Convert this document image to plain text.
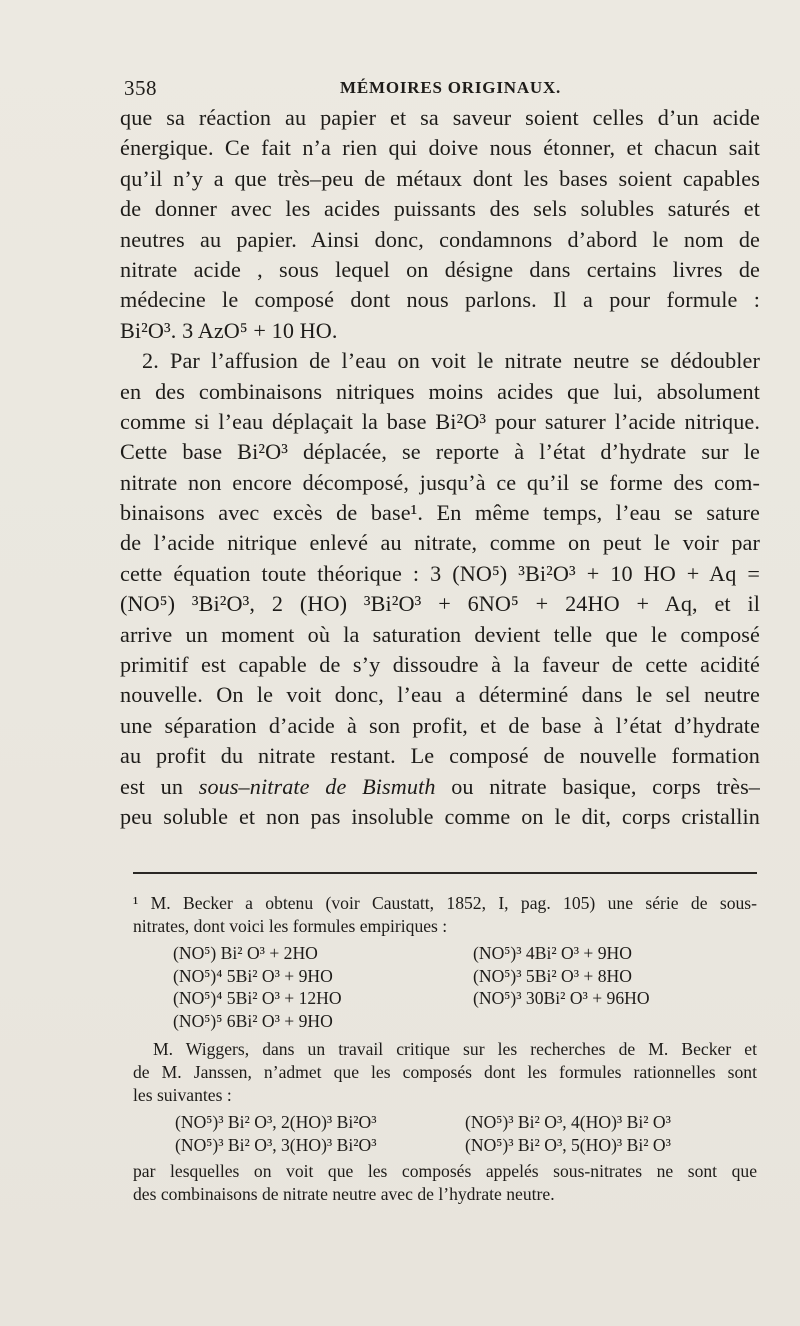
358	MÉMOIRES ORIGINAUX.
que sa réaction au papier et sa saveur soient celles d’un acide
énergique. Ce fait n’a rien qui doive nous étonner, et chacun sait
qu’il n’y a que très–peu de métaux dont les bases soient capables
de donner avec les acides puissants des sels solubles saturés et
neutres au papier. Ainsi donc, condamnons d’abord le nom de
nitrate acide , sous lequel on désigne dans certains livres de
médecine le composé dont nous parlons. Il a pour formule :
Bi²O³. 3 AzO⁵ + 10 HO.
2. Par l’affusion de l’eau on voit le nitrate neutre se dédoubler
en des combinaisons nitriques moins acides que lui, absolument
comme si l’eau déplaçait la base Bi²O³ pour saturer l’acide nitrique.
Cette base Bi²O³ déplacée, se reporte à l’état d’hydrate sur le
nitrate non encore décomposé, jusqu’à ce qu’il se forme des com-
binaisons avec excès de base¹. En même temps, l’eau se sature
de l’acide nitrique enlevé au nitrate, comme on peut le voir par
cette équation toute théorique : 3 (NO⁵) ³Bi²O³ + 10 HO + Aq =
(NO⁵) ³Bi²O³, 2 (HO) ³Bi²O³ + 6NO⁵ + 24HO + Aq, et il
arrive un moment où la saturation devient telle que le composé
primitif est capable de s’y dissoudre à la faveur de cette acidité
nouvelle. On le voit donc, l’eau a déterminé dans le sel neutre
une séparation d’acide à son profit, et de base à l’état d’hydrate
au profit du nitrate restant. Le composé de nouvelle formation
est un sous–nitrate de Bismuth ou nitrate basique, corps très–
peu soluble et non pas insoluble comme on le dit, corps cristallin
¹ M. Becker a obtenu (voir Caustatt, 1852, I, pag. 105) une série de sous-
nitrates, dont voici les formules empiriques :
(NO⁵) Bi² O³ + 2HO	(NO⁵)³ 4Bi² O³ + 9HO
(NO⁵)⁴ 5Bi² O³ + 9HO	(NO⁵)³ 5Bi² O³ + 8HO
(NO⁵)⁴ 5Bi² O³ + 12HO	(NO⁵)³ 30Bi² O³ + 96HO
(NO⁵)⁵ 6Bi² O³ + 9HO
M. Wiggers, dans un travail critique sur les recherches de M. Becker et
de M. Janssen, n’admet que les composés dont les formules rationnelles sont
les suivantes :
(NO⁵)³ Bi² O³, 2(HO)³ Bi²O³	(NO⁵)³ Bi² O³, 4(HO)³ Bi² O³
(NO⁵)³ Bi² O³, 3(HO)³ Bi²O³	(NO⁵)³ Bi² O³, 5(HO)³ Bi² O³
par lesquelles on voit que les composés appelés sous-nitrates ne sont que
des combinaisons de nitrate neutre avec de l’hydrate neutre.
